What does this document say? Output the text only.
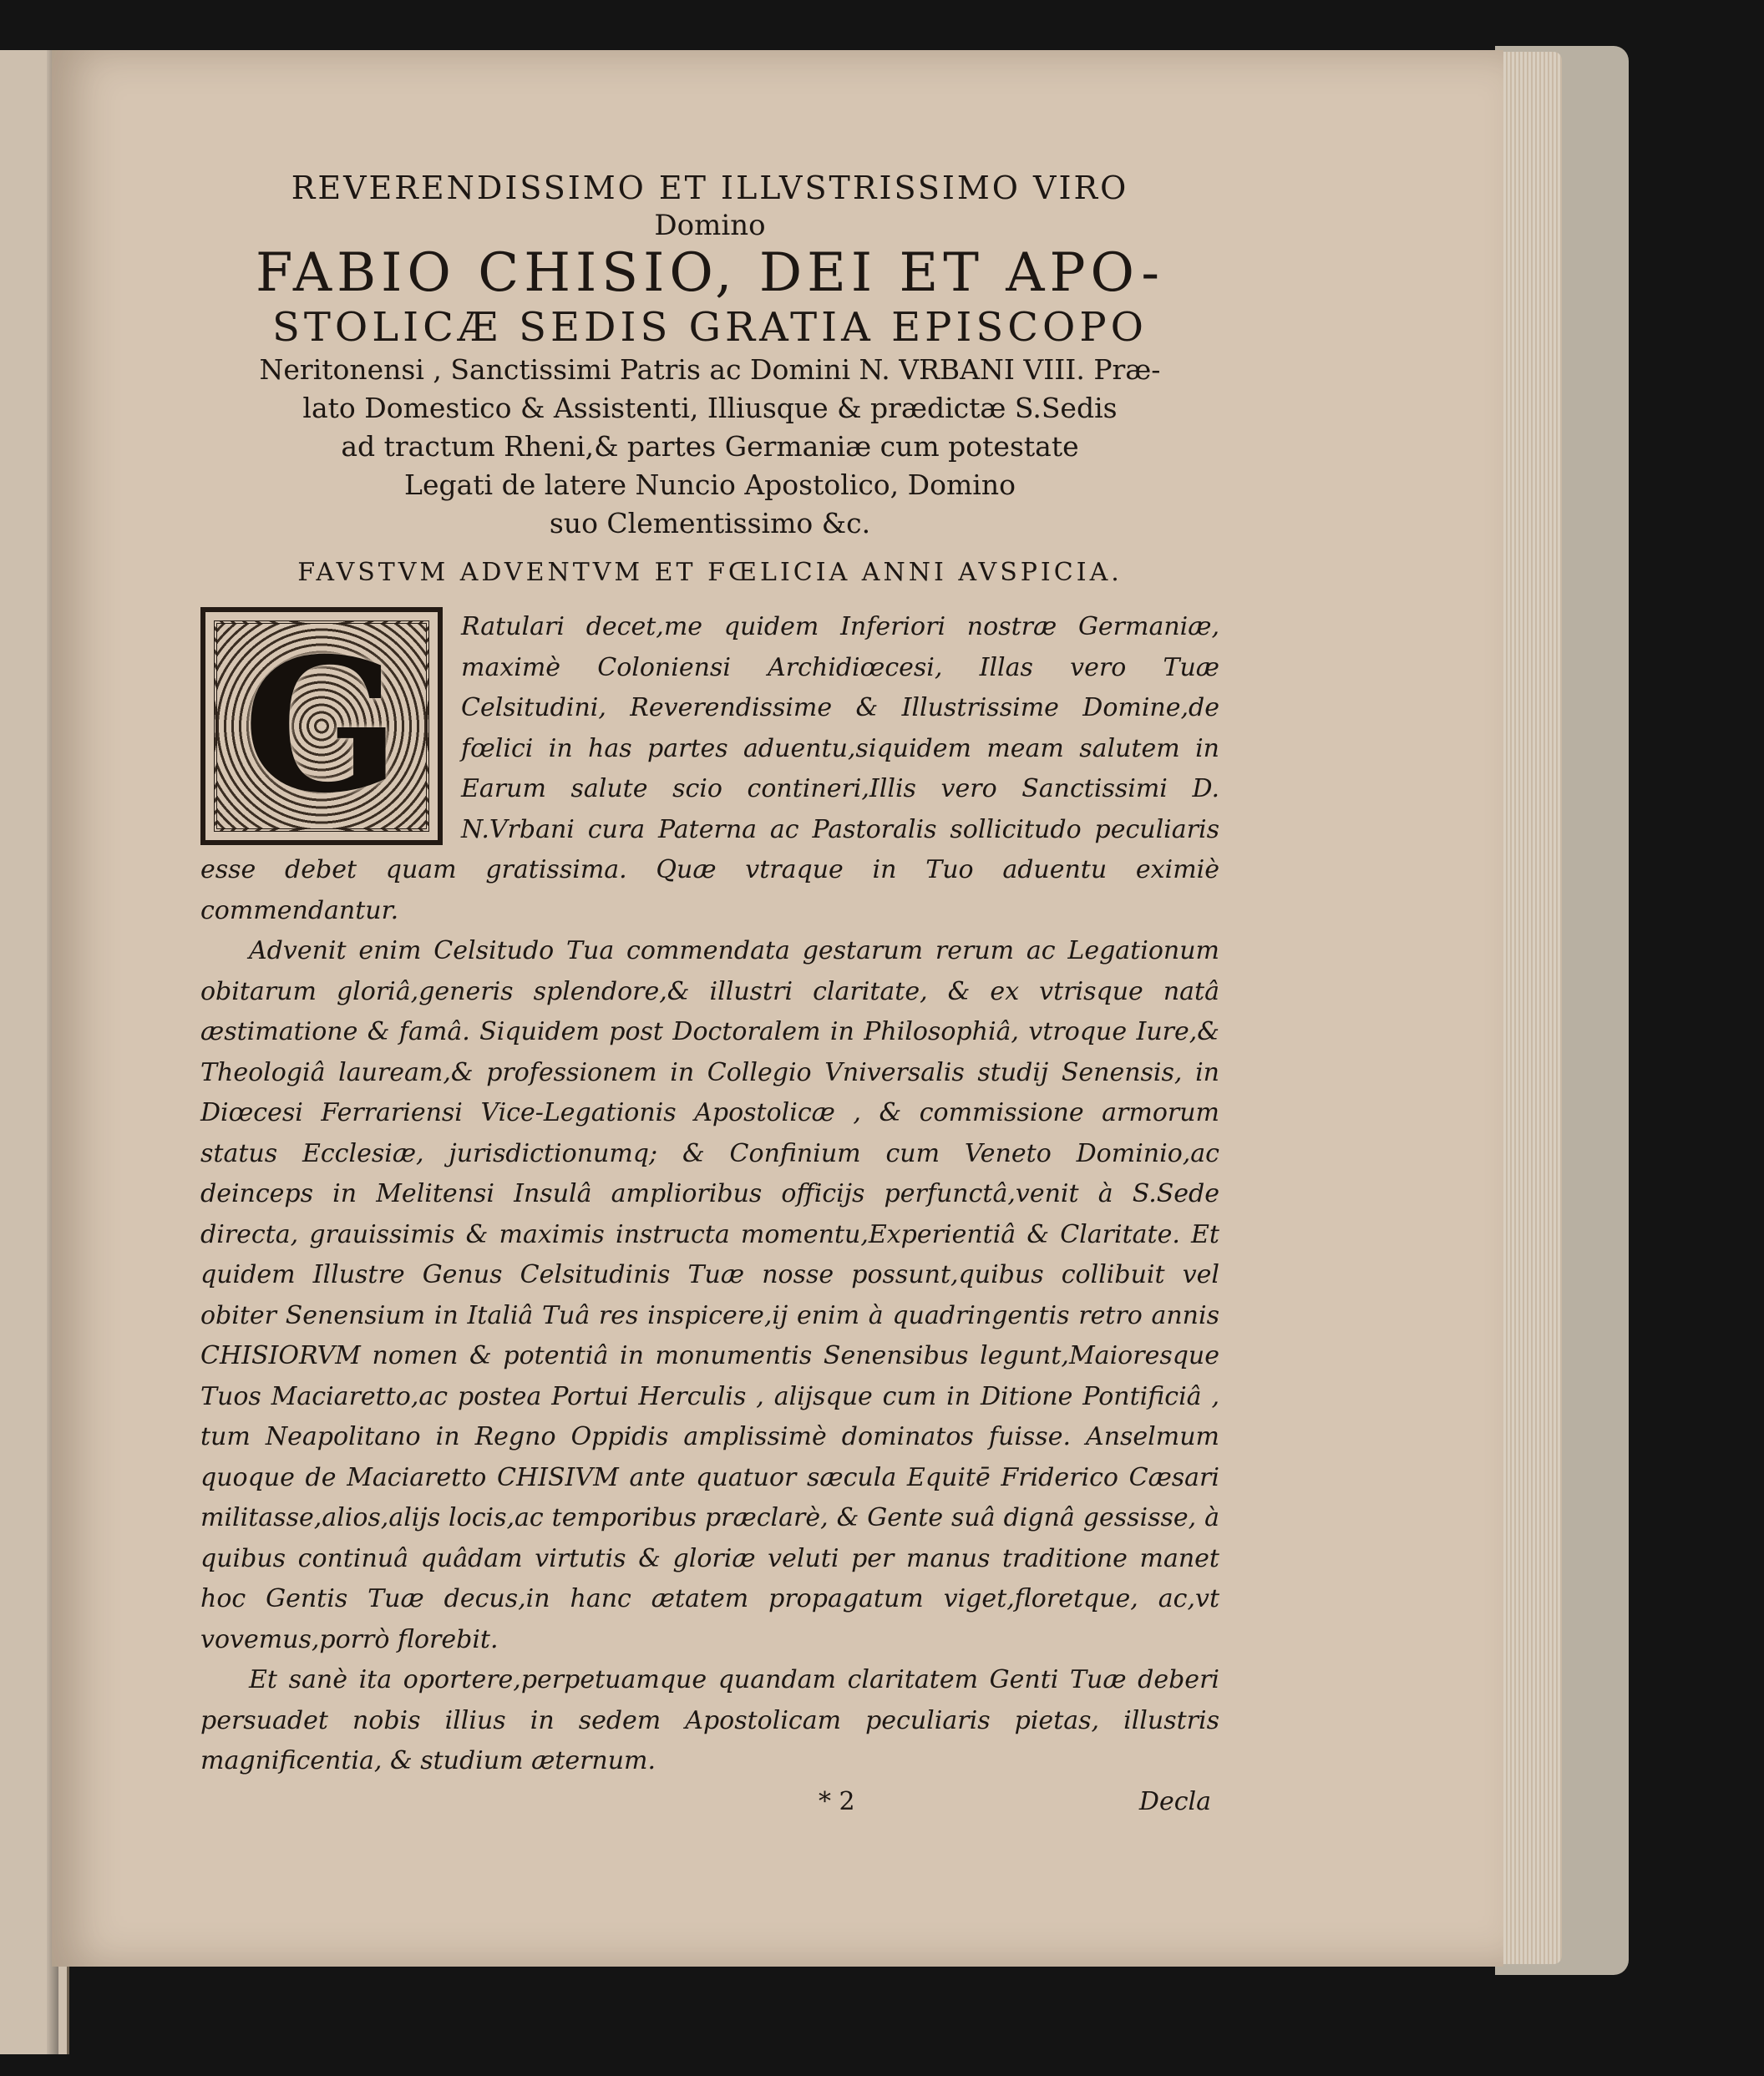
REVERENDISSIMO ET ILLVSTRISSIMO VIRO

Domino

FABIO CHISIO, DEI ET APO-

STOLICÆ SEDIS GRATIA EPISCOPO

Neritonensi , Sanctissimi Patris ac Domini N. VRBANI VIII. Præ-

lato Domestico & Assistenti, Illiusque & prædictæ S.Sedis

ad tractum Rheni,& partes Germaniæ cum potestate

Legati de latere Nuncio Apostolico, Domino

suo Clementissimo &c.

FAVSTVM ADVENTVM ET FŒLICIA ANNI AVSPICIA.
G	Ratulari decet,me quidem Inferiori nostræ Germaniæ, maximè Coloniensi Archidiœcesi, Illas vero Tuæ Celsitudini, Reverendissime & Illustrissime Domine,de fœlici in has partes aduentu,siquidem meam salutem in Earum salute scio contineri,Illis vero Sanctissimi D. N.Vrbani cura Paterna ac Pastoralis sollicitudo peculiaris esse debet quam gratissima. Quæ vtraque in Tuo aduentu eximiè commendantur.

Advenit enim Celsitudo Tua commendata gestarum rerum ac Legationum obitarum gloriâ,generis splendore,& illustri claritate, & ex vtrisque natâ æstimatione & famâ. Siquidem post Doctoralem in Philosophiâ, vtroque Iure,& Theologiâ lauream,& professionem in Collegio Vniversalis studij Senensis, in Diœcesi Ferrariensi Vice-Legationis Apostolicæ , & commissione armorum status Ecclesiæ, jurisdictionumq; & Confinium cum Veneto Dominio,ac deinceps in Melitensi Insulâ amplioribus officijs perfunctâ,venit à S.Sede directa, grauissimis & maximis instructa momentu,Experientiâ & Claritate. Et quidem Illustre Genus Celsitudinis Tuæ nosse possunt,quibus collibuit vel obiter Senensium in Italiâ Tuâ res inspicere,ij enim à quadringentis retro annis CHISIORVM nomen & potentiâ in monumentis Senensibus legunt,Maioresque Tuos Maciaretto,ac postea Portui Herculis , alijsque cum in Ditione Pontificiâ , tum Neapolitano in Regno Oppidis amplissimè dominatos fuisse. Anselmum quoque de Maciaretto CHISIVM ante quatuor sæcula Equitē Friderico Cæsari militasse,alios,alijs locis,ac temporibus præclarè, & Gente suâ dignâ gessisse, à quibus continuâ quâdam virtutis & gloriæ veluti per manus traditione manet hoc Gentis Tuæ decus,in hanc ætatem propagatum viget,floretque, ac,vt vovemus,porrò florebit.

Et sanè ita oportere,perpetuamque quandam claritatem Genti Tuæ deberi persuadet nobis illius in sedem Apostolicam peculiaris pietas, illustris magnificentia, & studium æternum.

* 2	Decla
